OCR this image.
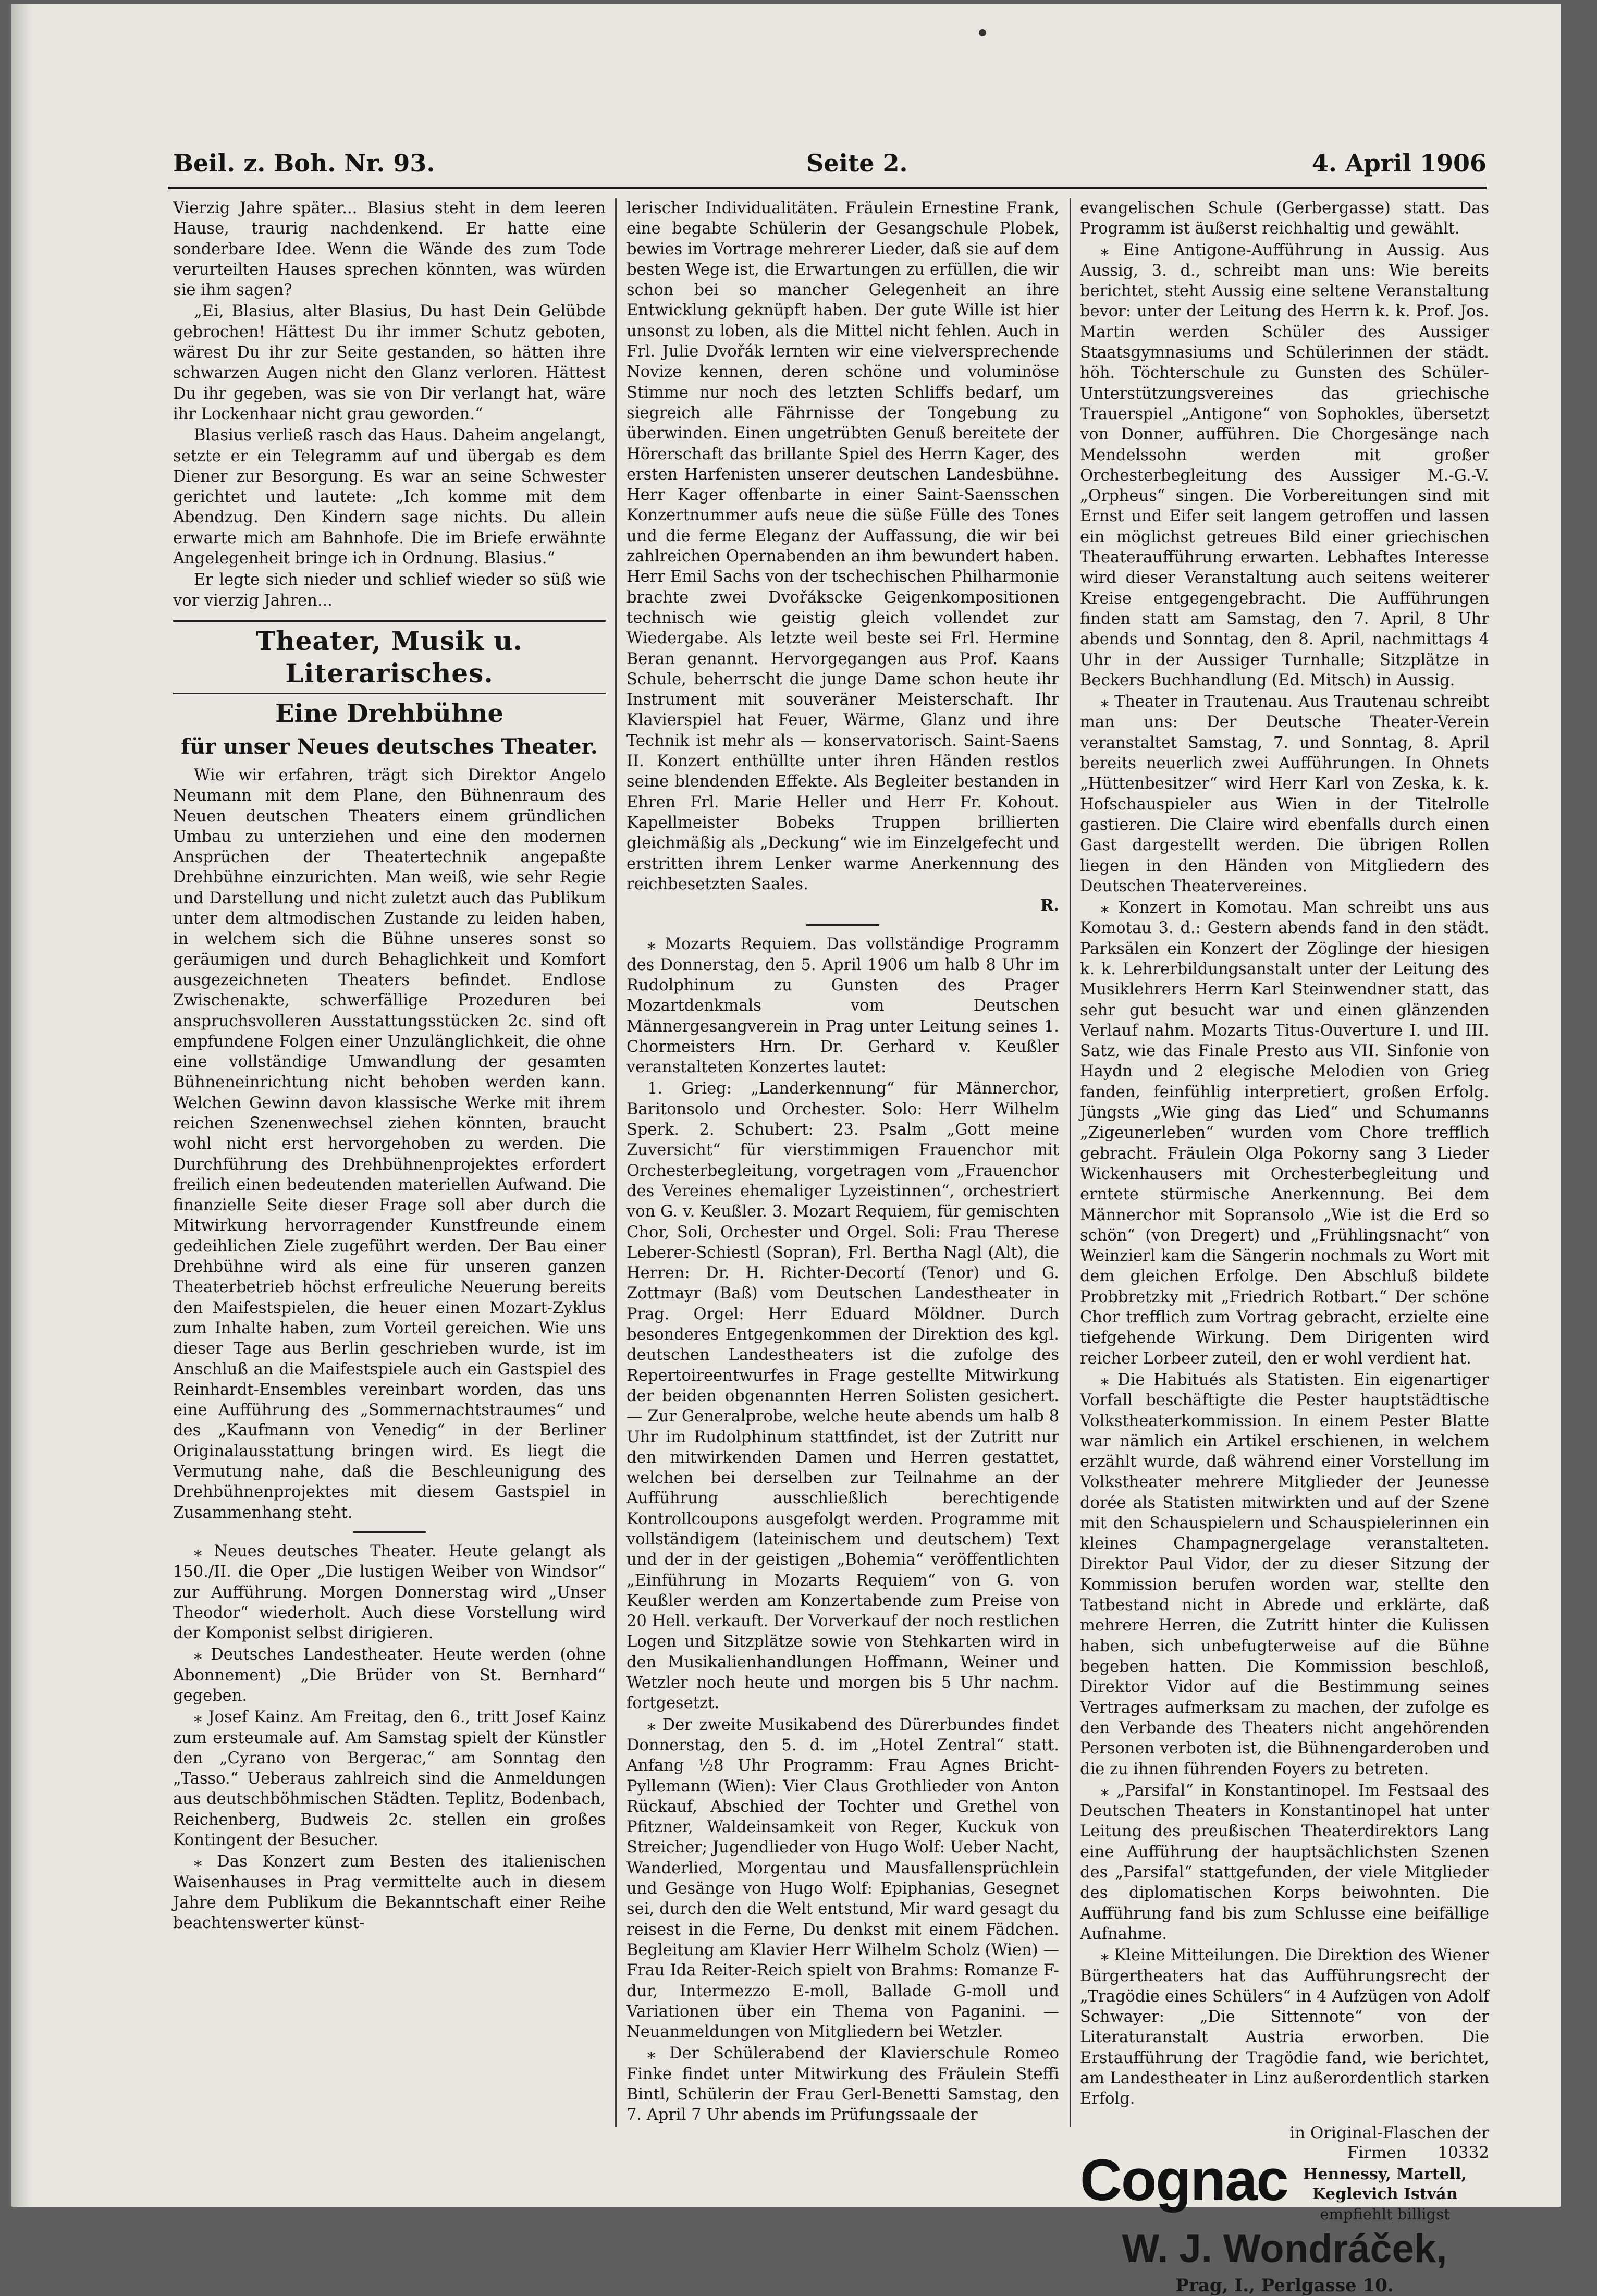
Beil. z. Boh. Nr. 93.	Seite 2.	4. April 1906

Vierzig Jahre später... Blasius steht in dem leeren Hause, traurig nachdenkend. Er hatte eine sonderbare Idee. Wenn die Wände des zum Tode verurteilten Hauses sprechen könnten, was würden sie ihm sagen?

„Ei, Blasius, alter Blasius, Du hast Dein Gelübde gebrochen! Hättest Du ihr immer Schutz geboten, wärest Du ihr zur Seite gestanden, so hätten ihre schwarzen Augen nicht den Glanz verloren. Hättest Du ihr gegeben, was sie von Dir verlangt hat, wäre ihr Lockenhaar nicht grau geworden.“

Blasius verließ rasch das Haus. Daheim angelangt, setzte er ein Telegramm auf und übergab es dem Diener zur Besorgung. Es war an seine Schwester gerichtet und lautete: „Ich komme mit dem Abendzug. Den Kindern sage nichts. Du allein erwarte mich am Bahnhofe. Die im Briefe erwähnte Angelegenheit bringe ich in Ordnung. Blasius.“

Er legte sich nieder und schlief wieder so süß wie vor vierzig Jahren...

Theater, Musik u. Literarisches.
Eine Drehbühne
für unser Neues deutsches Theater.

Wie wir erfahren, trägt sich Direktor Angelo Neumann mit dem Plane, den Bühnenraum des Neuen deutschen Theaters einem gründlichen Umbau zu unterziehen und eine den modernen Ansprüchen der Theatertechnik angepaßte Drehbühne einzurichten. Man weiß, wie sehr Regie und Darstellung und nicht zuletzt auch das Publikum unter dem altmodischen Zustande zu leiden haben, in welchem sich die Bühne unseres sonst so geräumigen und durch Behaglichkeit und Komfort ausgezeichneten Theaters befindet. Endlose Zwischenakte, schwerfällige Prozeduren bei anspruchsvolleren Ausstattungsstücken 2c. sind oft empfundene Folgen einer Unzulänglichkeit, die ohne eine vollständige Umwandlung der gesamten Bühneneinrichtung nicht behoben werden kann. Welchen Gewinn davon klassische Werke mit ihrem reichen Szenenwechsel ziehen könnten, braucht wohl nicht erst hervorgehoben zu werden. Die Durchführung des Drehbühnenprojektes erfordert freilich einen bedeutenden materiellen Aufwand. Die finanzielle Seite dieser Frage soll aber durch die Mitwirkung hervorragender Kunstfreunde einem gedeihlichen Ziele zugeführt werden. Der Bau einer Drehbühne wird als eine für unseren ganzen Theaterbetrieb höchst erfreuliche Neuerung bereits den Maifestspielen, die heuer einen Mozart-Zyklus zum Inhalte haben, zum Vorteil gereichen. Wie uns dieser Tage aus Berlin geschrieben wurde, ist im Anschluß an die Maifestspiele auch ein Gastspiel des Reinhardt-Ensembles vereinbart worden, das uns eine Aufführung des „Sommernachtstraumes“ und des „Kaufmann von Venedig“ in der Berliner Originalausstattung bringen wird. Es liegt die Vermutung nahe, daß die Beschleunigung des Drehbühnenprojektes mit diesem Gastspiel in Zusammenhang steht.

⁎ Neues deutsches Theater. Heute gelangt als 150./II. die Oper „Die lustigen Weiber von Windsor“ zur Aufführung. Morgen Donnerstag wird „Unser Theodor“ wiederholt. Auch diese Vorstellung wird der Komponist selbst dirigieren.

⁎ Deutsches Landestheater. Heute werden (ohne Abonnement) „Die Brüder von St. Bernhard“ gegeben.

⁎ Josef Kainz. Am Freitag, den 6., tritt Josef Kainz zum ersteumale auf. Am Samstag spielt der Künstler den „Cyrano von Bergerac,“ am Sonntag den „Tasso.“ Ueberaus zahlreich sind die Anmeldungen aus deutschböhmischen Städten. Teplitz, Bodenbach, Reichenberg, Budweis 2c. stellen ein großes Kontingent der Besucher.

⁎ Das Konzert zum Besten des italienischen Waisenhauses in Prag vermittelte auch in diesem Jahre dem Publikum die Bekanntschaft einer Reihe beachtenswerter künst-

lerischer Individualitäten. Fräulein Ernestine Frank, eine begabte Schülerin der Gesangschule Plobek, bewies im Vortrage mehrerer Lieder, daß sie auf dem besten Wege ist, die Erwartungen zu erfüllen, die wir schon bei so mancher Gelegenheit an ihre Entwicklung geknüpft haben. Der gute Wille ist hier unsonst zu loben, als die Mittel nicht fehlen. Auch in Frl. Julie Dvořák lernten wir eine vielversprechende Novize kennen, deren schöne und voluminöse Stimme nur noch des letzten Schliffs bedarf, um siegreich alle Fährnisse der Tongebung zu überwinden. Einen ungetrübten Genuß bereitete der Hörerschaft das brillante Spiel des Herrn Kager, des ersten Harfenisten unserer deutschen Landesbühne. Herr Kager offenbarte in einer Saint-Saensschen Konzertnummer aufs neue die süße Fülle des Tones und die ferme Eleganz der Auffassung, die wir bei zahlreichen Opernabenden an ihm bewundert haben. Herr Emil Sachs von der tschechischen Philharmonie brachte zwei Dvořákscke Geigenkompositionen technisch wie geistig gleich vollendet zur Wiedergabe. Als letzte weil beste sei Frl. Hermine Beran genannt. Hervorgegangen aus Prof. Kaans Schule, beherrscht die junge Dame schon heute ihr Instrument mit souveräner Meisterschaft. Ihr Klavierspiel hat Feuer, Wärme, Glanz und ihre Technik ist mehr als — konservatorisch. Saint-Saens II. Konzert enthüllte unter ihren Händen restlos seine blendenden Effekte. Als Begleiter bestanden in Ehren Frl. Marie Heller und Herr Fr. Kohout. Kapellmeister Bobeks Truppen brillierten gleichmäßig als „Deckung“ wie im Einzelgefecht und erstritten ihrem Lenker warme Anerkennung des reichbesetzten Saales.

R.

⁎ Mozarts Requiem. Das vollständige Programm des Donnerstag, den 5. April 1906 um halb 8 Uhr im Rudolphinum zu Gunsten des Prager Mozartdenkmals vom Deutschen Männergesangverein in Prag unter Leitung seines 1. Chormeisters Hrn. Dr. Gerhard v. Keußler veranstalteten Konzertes lautet:

1. Grieg: „Landerkennung“ für Männerchor, Baritonsolo und Orchester. Solo: Herr Wilhelm Sperk. 2. Schubert: 23. Psalm „Gott meine Zuversicht“ für vierstimmigen Frauenchor mit Orchesterbegleitung, vorgetragen vom „Frauenchor des Vereines ehemaliger Lyzeistinnen“, orchestriert von G. v. Keußler. 3. Mozart Requiem, für gemischten Chor, Soli, Orchester und Orgel. Soli: Frau Therese Leberer-Schiestl (Sopran), Frl. Bertha Nagl (Alt), die Herren: Dr. H. Richter-Decortí (Tenor) und G. Zottmayr (Baß) vom Deutschen Landestheater in Prag. Orgel: Herr Eduard Möldner. Durch besonderes Entgegenkommen der Direktion des kgl. deutschen Landestheaters ist die zufolge des Repertoireentwurfes in Frage gestellte Mitwirkung der beiden obgenannten Herren Solisten gesichert. — Zur Generalprobe, welche heute abends um halb 8 Uhr im Rudolphinum stattfindet, ist der Zutritt nur den mitwirkenden Damen und Herren gestattet, welchen bei derselben zur Teilnahme an der Aufführung ausschließlich berechtigende Kontrollcoupons ausgefolgt werden. Programme mit vollständigem (lateinischem und deutschem) Text und der in der geistigen „Bohemia“ veröffentlichten „Einführung in Mozarts Requiem“ von G. von Keußler werden am Konzertabende zum Preise von 20 Hell. verkauft. Der Vorverkauf der noch restlichen Logen und Sitzplätze sowie von Stehkarten wird in den Musikalienhandlungen Hoffmann, Weiner und Wetzler noch heute und morgen bis 5 Uhr nachm. fortgesetzt.

⁎ Der zweite Musikabend des Dürerbundes findet Donnerstag, den 5. d. im „Hotel Zentral“ statt. Anfang ½8 Uhr Programm: Frau Agnes Bricht-Pyllemann (Wien): Vier Claus Grothlieder von Anton Rückauf, Abschied der Tochter und Grethel von Pfitzner, Waldeinsamkeit von Reger, Kuckuk von Streicher; Jugendlieder von Hugo Wolf: Ueber Nacht, Wanderlied, Morgentau und Mausfallensprüchlein und Gesänge von Hugo Wolf: Epiphanias, Gesegnet sei, durch den die Welt entstund, Mir ward gesagt du reisest in die Ferne, Du denkst mit einem Fädchen. Begleitung am Klavier Herr Wilhelm Scholz (Wien) — Frau Ida Reiter-Reich spielt von Brahms: Romanze F-dur, Intermezzo E-moll, Ballade G-moll und Variationen über ein Thema von Paganini. — Neuanmeldungen von Mitgliedern bei Wetzler.

⁎ Der Schülerabend der Klavierschule Romeo Finke findet unter Mitwirkung des Fräulein Steffi Bintl, Schülerin der Frau Gerl-Benetti Samstag, den 7. April 7 Uhr abends im Prüfungssaale der

evangelischen Schule (Gerbergasse) statt. Das Programm ist äußerst reichhaltig und gewählt.

⁎ Eine Antigone-Aufführung in Aussig. Aus Aussig, 3. d., schreibt man uns: Wie bereits berichtet, steht Aussig eine seltene Veranstaltung bevor: unter der Leitung des Herrn k. k. Prof. Jos. Martin werden Schüler des Aussiger Staatsgymnasiums und Schülerinnen der städt. höh. Töchterschule zu Gunsten des Schüler-Unterstützungsvereines das griechische Trauerspiel „Antigone“ von Sophokles, übersetzt von Donner, aufführen. Die Chorgesänge nach Mendelssohn werden mit großer Orchesterbegleitung des Aussiger M.-G.-V. „Orpheus“ singen. Die Vorbereitungen sind mit Ernst und Eifer seit langem getroffen und lassen ein möglichst getreues Bild einer griechischen Theateraufführung erwarten. Lebhaftes Interesse wird dieser Veranstaltung auch seitens weiterer Kreise entgegengebracht. Die Aufführungen finden statt am Samstag, den 7. April, 8 Uhr abends und Sonntag, den 8. April, nachmittags 4 Uhr in der Aussiger Turnhalle; Sitzplätze in Beckers Buchhandlung (Ed. Mitsch) in Aussig.

⁎ Theater in Trautenau. Aus Trautenau schreibt man uns: Der Deutsche Theater-Verein veranstaltet Samstag, 7. und Sonntag, 8. April bereits neuerlich zwei Aufführungen. In Ohnets „Hüttenbesitzer“ wird Herr Karl von Zeska, k. k. Hofschauspieler aus Wien in der Titelrolle gastieren. Die Claire wird ebenfalls durch einen Gast dargestellt werden. Die übrigen Rollen liegen in den Händen von Mitgliedern des Deutschen Theatervereines.

⁎ Konzert in Komotau. Man schreibt uns aus Komotau 3. d.: Gestern abends fand in den städt. Parksälen ein Konzert der Zöglinge der hiesigen k. k. Lehrerbildungsanstalt unter der Leitung des Musiklehrers Herrn Karl Steinwendner statt, das sehr gut besucht war und einen glänzenden Verlauf nahm. Mozarts Titus-Ouverture I. und III. Satz, wie das Finale Presto aus VII. Sinfonie von Haydn und 2 elegische Melodien von Grieg fanden, feinfühlig interpretiert, großen Erfolg. Jüngsts „Wie ging das Lied“ und Schumanns „Zigeunerleben“ wurden vom Chore trefflich gebracht. Fräulein Olga Pokorny sang 3 Lieder Wickenhausers mit Orchesterbegleitung und erntete stürmische Anerkennung. Bei dem Männerchor mit Sopransolo „Wie ist die Erd so schön“ (von Dregert) und „Frühlingsnacht“ von Weinzierl kam die Sängerin nochmals zu Wort mit dem gleichen Erfolge. Den Abschluß bildete Probbretzky mit „Friedrich Rotbart.“ Der schöne Chor trefflich zum Vortrag gebracht, erzielte eine tiefgehende Wirkung. Dem Dirigenten wird reicher Lorbeer zuteil, den er wohl verdient hat.

⁎ Die Habitués als Statisten. Ein eigenartiger Vorfall beschäftigte die Pester hauptstädtische Volkstheaterkommission. In einem Pester Blatte war nämlich ein Artikel erschienen, in welchem erzählt wurde, daß während einer Vorstellung im Volkstheater mehrere Mitglieder der Jeunesse dorée als Statisten mitwirkten und auf der Szene mit den Schauspielern und Schauspielerinnen ein kleines Champagnergelage veranstalteten. Direktor Paul Vidor, der zu dieser Sitzung der Kommission berufen worden war, stellte den Tatbestand nicht in Abrede und erklärte, daß mehrere Herren, die Zutritt hinter die Kulissen haben, sich unbefugterweise auf die Bühne begeben hatten. Die Kommission beschloß, Direktor Vidor auf die Bestimmung seines Vertrages aufmerksam zu machen, der zufolge es den Verbande des Theaters nicht angehörenden Personen verboten ist, die Bühnengarderoben und die zu ihnen führenden Foyers zu betreten.

⁎ „Parsifal“ in Konstantinopel. Im Festsaal des Deutschen Theaters in Konstantinopel hat unter Leitung des preußischen Theaterdirektors Lang eine Aufführung der hauptsächlichsten Szenen des „Parsifal“ stattgefunden, der viele Mitglieder des diplomatischen Korps beiwohnten. Die Aufführung fand bis zum Schlusse eine beifällige Aufnahme.

⁎ Kleine Mitteilungen. Die Direktion des Wiener Bürgertheaters hat das Aufführungsrecht der „Tragödie eines Schülers“ in 4 Aufzügen von Adolf Schwayer: „Die Sittennote“ von der Literaturanstalt Austria erworben. Die Erstaufführung der Tragödie fand, wie berichtet, am Landestheater in Linz außerordentlich starken Erfolg.

in Original-Flaschen der
Firmen 10332
Cognac Hennessy, Martell,
Keglevich István
empfiehlt billigst
W. J. Wondráček,
Prag, I., Perlgasse 10.
